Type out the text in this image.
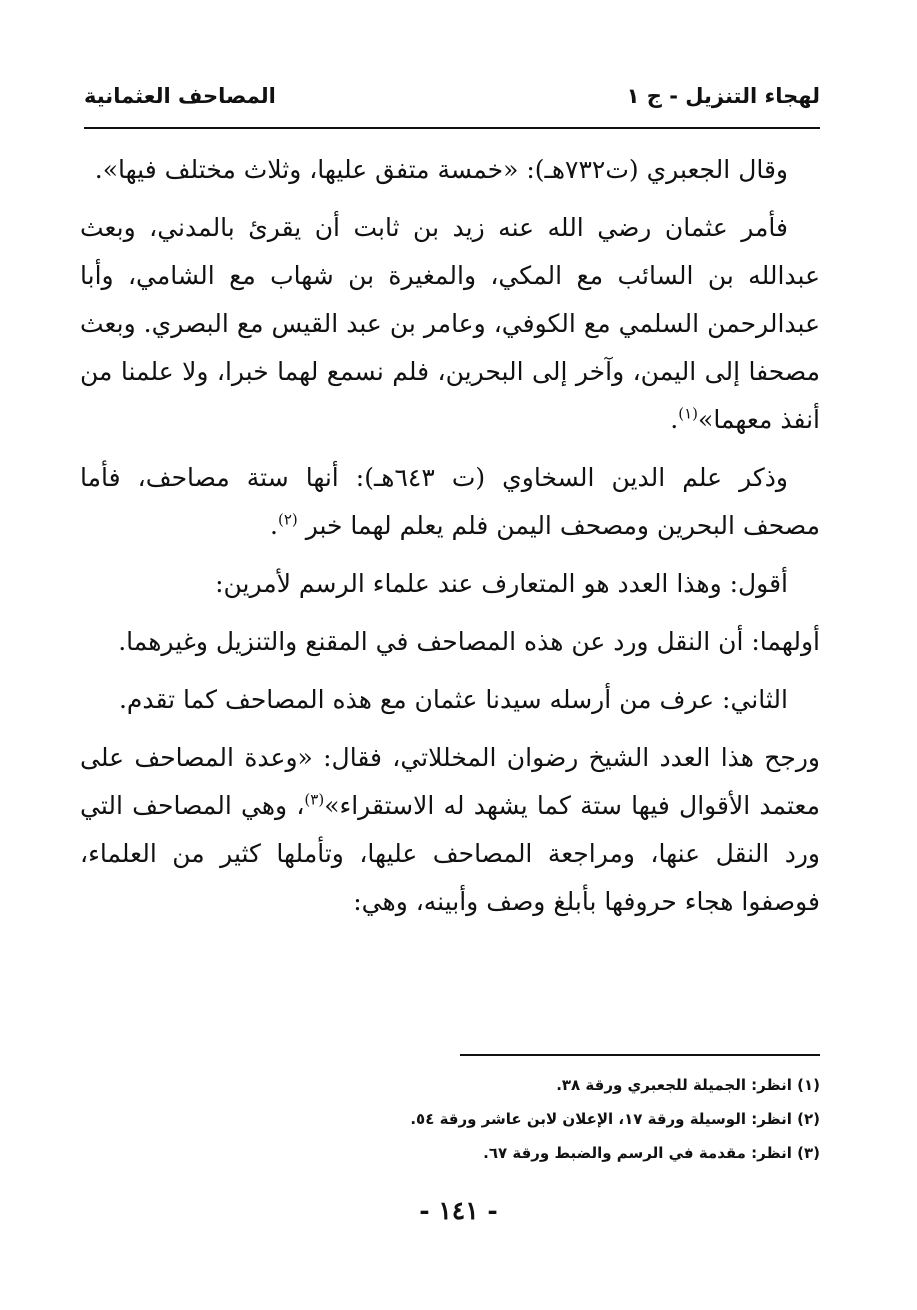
لهجاء التنزيل - ج ١
المصاحف العثمانية

وقال الجعبري (ت٧٣٢هـ): «خمسة متفق عليها، وثلاث مختلف فيها».

فأمر عثمان رضي الله عنه زيد بن ثابت أن يقرئ بالمدني، وبعث عبدالله بن السائب مع المكي، والمغيرة بن شهاب مع الشامي، وأبا عبدالرحمن السلمي مع الكوفي، وعامر بن عبد القيس مع البصري. وبعث مصحفا إلى اليمن، وآخر إلى البحرين، فلم نسمع لهما خبرا، ولا علمنا من أنفذ معهما»$^{(١)}$.

وذكر علم الدين السخاوي (ت ٦٤٣هـ): أنها ستة مصاحف، فأما مصحف البحرين ومصحف اليمن فلم يعلم لهما خبر $^{(٢)}$.

أقول: وهذا العدد هو المتعارف عند علماء الرسم لأمرين:

أولهما: أن النقل ورد عن هذه المصاحف في المقنع والتنزيل وغيرهما.

الثاني: عرف من أرسله سيدنا عثمان مع هذه المصاحف كما تقدم.

ورجح هذا العدد الشيخ رضوان المخللاتي، فقال: «وعدة المصاحف على معتمد الأقوال فيها ستة كما يشهد له الاستقراء»$^{(٣)}$، وهي المصاحف التي ورد النقل عنها، ومراجعة المصاحف عليها، وتأملها كثير من العلماء، فوصفوا هجاء حروفها بأبلغ وصف وأبينه، وهي:

(١) انظر: الجميلة للجعبري ورقة ٣٨.
(٢) انظر: الوسيلة ورقة ١٧، الإعلان لابن عاشر ورقة ٥٤.
(٣) انظر: مقدمة في الرسم والضبط ورقة ٦٧.
- ١٤١ -
